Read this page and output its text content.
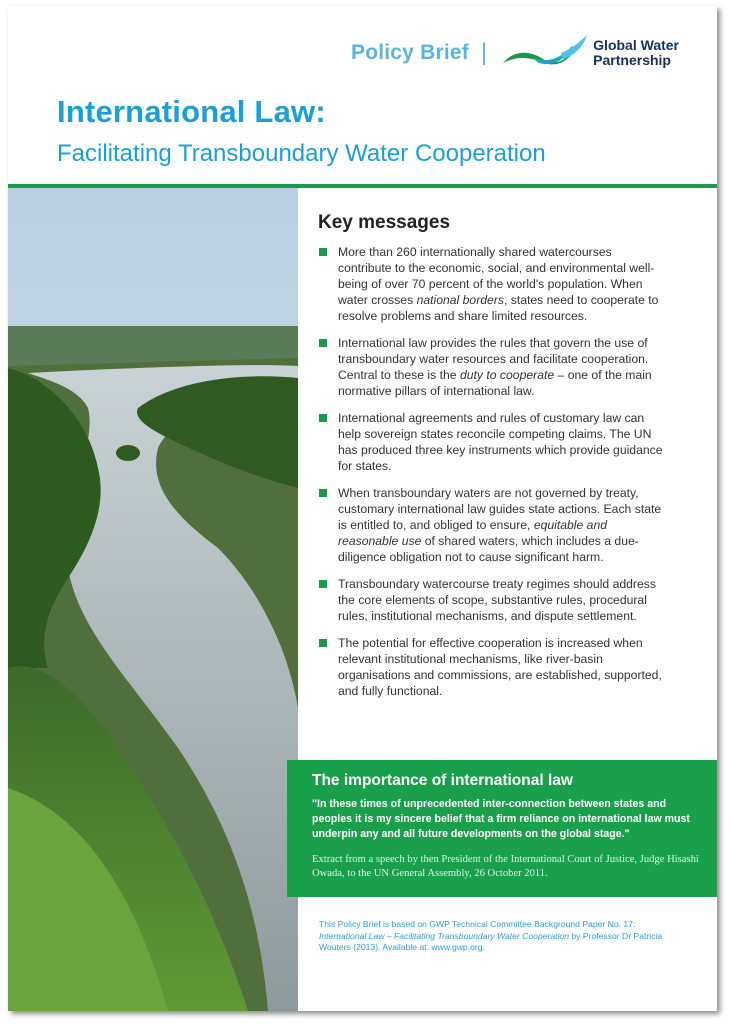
Policy Brief |	Global Water
Partnership
International Law:
Facilitating Transboundary Water Cooperation
Key messages
More than 260 internationally shared watercourses contribute to the economic, social, and environmental well-being of over 70 percent of the world's population. When water crosses national borders, states need to cooperate to resolve problems and share limited resources.
International law provides the rules that govern the use of transboundary water resources and facilitate cooperation. Central to these is the duty to cooperate – one of the main normative pillars of international law.
International agreements and rules of customary law can help sovereign states reconcile competing claims. The UN has produced three key instruments which provide guidance for states.
When transboundary waters are not governed by treaty, customary international law guides state actions. Each state is entitled to, and obliged to ensure, equitable and reasonable use of shared waters, which includes a due-diligence obligation not to cause significant harm.
Transboundary watercourse treaty regimes should address the core elements of scope, substantive rules, procedural rules, institutional mechanisms, and dispute settlement.
The potential for effective cooperation is increased when relevant institutional mechanisms, like river-basin organisations and commissions, are established, supported, and fully functional.
The importance of international law
"In these times of unprecedented inter-connection between states and peoples it is my sincere belief that a firm reliance on international law must underpin any and all future developments on the global stage."
Extract from a speech by then President of the International Court of Justice, Judge Hisashi Owada, to the UN General Assembly, 26 October 2011.
This Policy Brief is based on GWP Technical Committee Background Paper No. 17: International Law – Facilitating Transboundary Water Cooperation by Professor Dr Patricia Wouters (2013). Available at: www.gwp.org.
